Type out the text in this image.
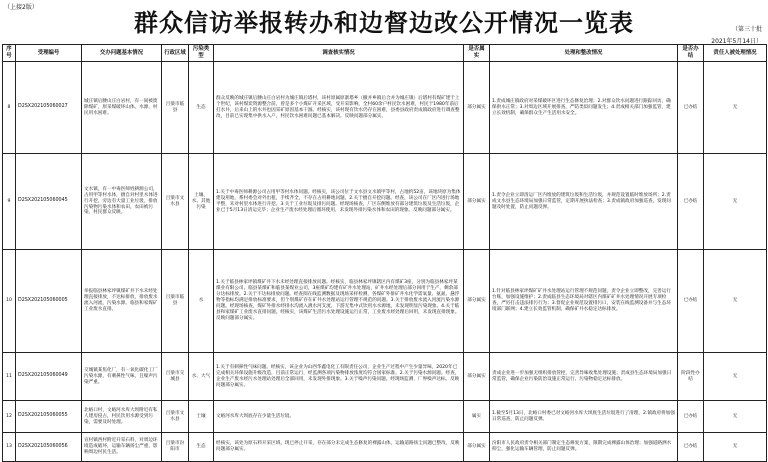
（上接2版）
群众信访举报转办和边督边改公开情况一览表	（第三十批
2021年5月14日）
序号	受理编号	交办问题基本情况	行政区域	污染类型	调查核实情况	是否属实	处理和整改情况	是否办结	责任人被处理情况
8	D2SX202105060027	城庄镇后腰山庄白岩村，有一间被废除煤矿，原采煤破坏山体、水源，村民用水困难。	吕梁市临县	生态	群众反映的城庄镇后腰山庄白岩村为城庄镇后塔村，该村原属原寨塔乡（撤并乡镇后合并为城庄镇）后塔村有煤矿建于上个世纪，该村煤炭资源整合前，曾是多个小煤矿开采区域，受开采影响，全村60余户村民饮水困难，村民于1980年前后打水井，后来山上的水井也因采矿原因基本干涸。经核实，该村现有饮水仍存在困难，县委县政府责成镇政府进行调查整改，目前已实现集中供水入户，村民饮水困难问题已基本解决。反映问题部分属实。	部分属实	1.责成城庄镇政府对采煤破坏区进行生态修复治理；2.对群众饮水问题进行跟踪回访，确保供水正常；3.对周边区域开展排查，严防类似问题发生；4.责成相关部门加强监管，建立长效机制，确保群众生产生活用水安全。	已办结	无
9	D2SX202105060045	文水镇，有一中毒医师姓耕源公司，占用甲等村水体，擅自对村里水体进行开挖，旁边有大量工业垃圾，排放污染物污染水体和农田，农田被污染，村民群众反映。	吕梁市文水县	土壤、水、其他污染	1.关于中毒医师耕源公司占用甲等村水体问题。经核实，该公司位于文水县文水镇甲等村，占地约52亩，该地块原为集体建设用地，系村委会对外出租，手续齐全，不存在占用耕地问题。2.关于擅自开挖问题。经查，该公司在厂区内进行场地平整，未对村里水体进行开挖。3.关于工业垃圾及排污问题。经现场核查，厂区东侧堆放有部分建筑垃圾及生活垃圾，企业已于5月13日清运完毕；企业生产废水经处理后循环使用，未发现外排污染水体和农田的现象。反映问题部分属实。	部分属实	1.责令企业立即清运厂区内堆放的建筑垃圾和生活垃圾，并规范设置临时堆放场所；2.责成文水县生态环境局加强日常监管，定期开展执法检查；3.责成镇政府加强巡查，发现问题及时处置，防止问题反弹。	已办结	无
10	D2SX202105060005	举报临县林家坪镇煤矿井下水未经处理直接排放，不达标排放，排放废水流入河流，污染水源。临县和家煤矿工业废水直排。	吕梁市临县	水	1.关于临县林家坪镇煤矿井下水未经处理直接排放问题。经核实，临县林家坪镇辖区内有煤矿3座，分别为临县林家坪某煤业有限公司、临县某煤矿和临县某煤业公司，3座煤矿均建有矿井水处理站，矿井水经处理后部分回用于生产，剩余部分达标排放。2.关于不达标排放问题。经查阅在线监测数据及现场采样检测，各煤矿外排矿井水化学需氧量、氨氮、悬浮物等指标均满足排放标准要求，但个别煤矿存在矿井水处理站运行管理不规范的问题。3.关于排放废水流入河流污染水源问题。经现场核查，煤矿外排水经排水沟流入湫水河支流，下游无集中式饮用水水源地，未发现明显污染现象。4.关于临县和家煤矿工业废水直排问题。经核实，该煤矿生活污水处理设施运行正常，工业废水经处理后回用，未发现直排现象。反映问题部分属实。	部分属实	1.针对临县林家坪煤矿矿井水处理站运行管理不规范问题，责令企业立即整改，完善运行台账，加强设施维护；2.责成临县生态环境局对辖区内煤矿矿井水处理情况开展专项检查，严厉打击违法排污行为；3.督促企业规范设置排污口，安装在线监测设备并与生态环境部门联网；4.建立长效监管机制，确保矿井水稳定达标排放。	已办结	无
11	D2SX202105060049	交城镇某焦化厂，有一氧化碳化工厂污染水源，有刺鼻性气味，且噪声污染严重。	吕梁市交城县	水、大气	1.关于有刺鼻性气味问题。经核实，该企业为山西华鑫电化工有限责任公司，企业生产过程中产生少量异味，2020年已完成相关环保设施升级改造，目前正常运行，经监测各项污染物排放浓度均符合国家标准。2.关于污染水源问题。经查，企业生产废水经污水处理站处理后全部回用，未发现外排现象。3.关于噪声污染问题。经现场监测，厂界噪声达标。反映问题部分属实。	部分属实	责成企业进一步加强无组织排放管控，完善异味收集处理设施；责成县生态环境局加强日常监管，确保企业污染防治设施正常运行、污染物稳定达标排放。	阶段性办结	无
12	D2SX202105060055	北峪口村，文峪河水库大坝附近有私人建房侵占，村民饮用水源受到污染，需要及时处理。	吕梁市文水县	土壤	文峪河水库大坝底存在少量生活垃圾。	属实	1.截至5月13日，北峪口村委已对文峪河水库大坝底生活垃圾进行了清理，2.镇政府将加强日常巡查，防止问题反弹。	已办结	无
13	D2SX202105060056	宣村镇西村附近开采石料，对周边环境造成破坏，运输车辆扬尘严重，影响周边村民生活。	吕梁市汾阳市	生态	经核实，该处为原石料开采区域，现已停止开采，存在部分未完成生态修复的裸露山体，运输道路扬尘问题已整改，反映问题部分属实。	部分属实	汾阳市人民政府责令相关部门制定生态修复方案，限期完成裸露山体治理；加强道路洒水抑尘，强化运输车辆管理，防止问题反弹。	已办结	无
